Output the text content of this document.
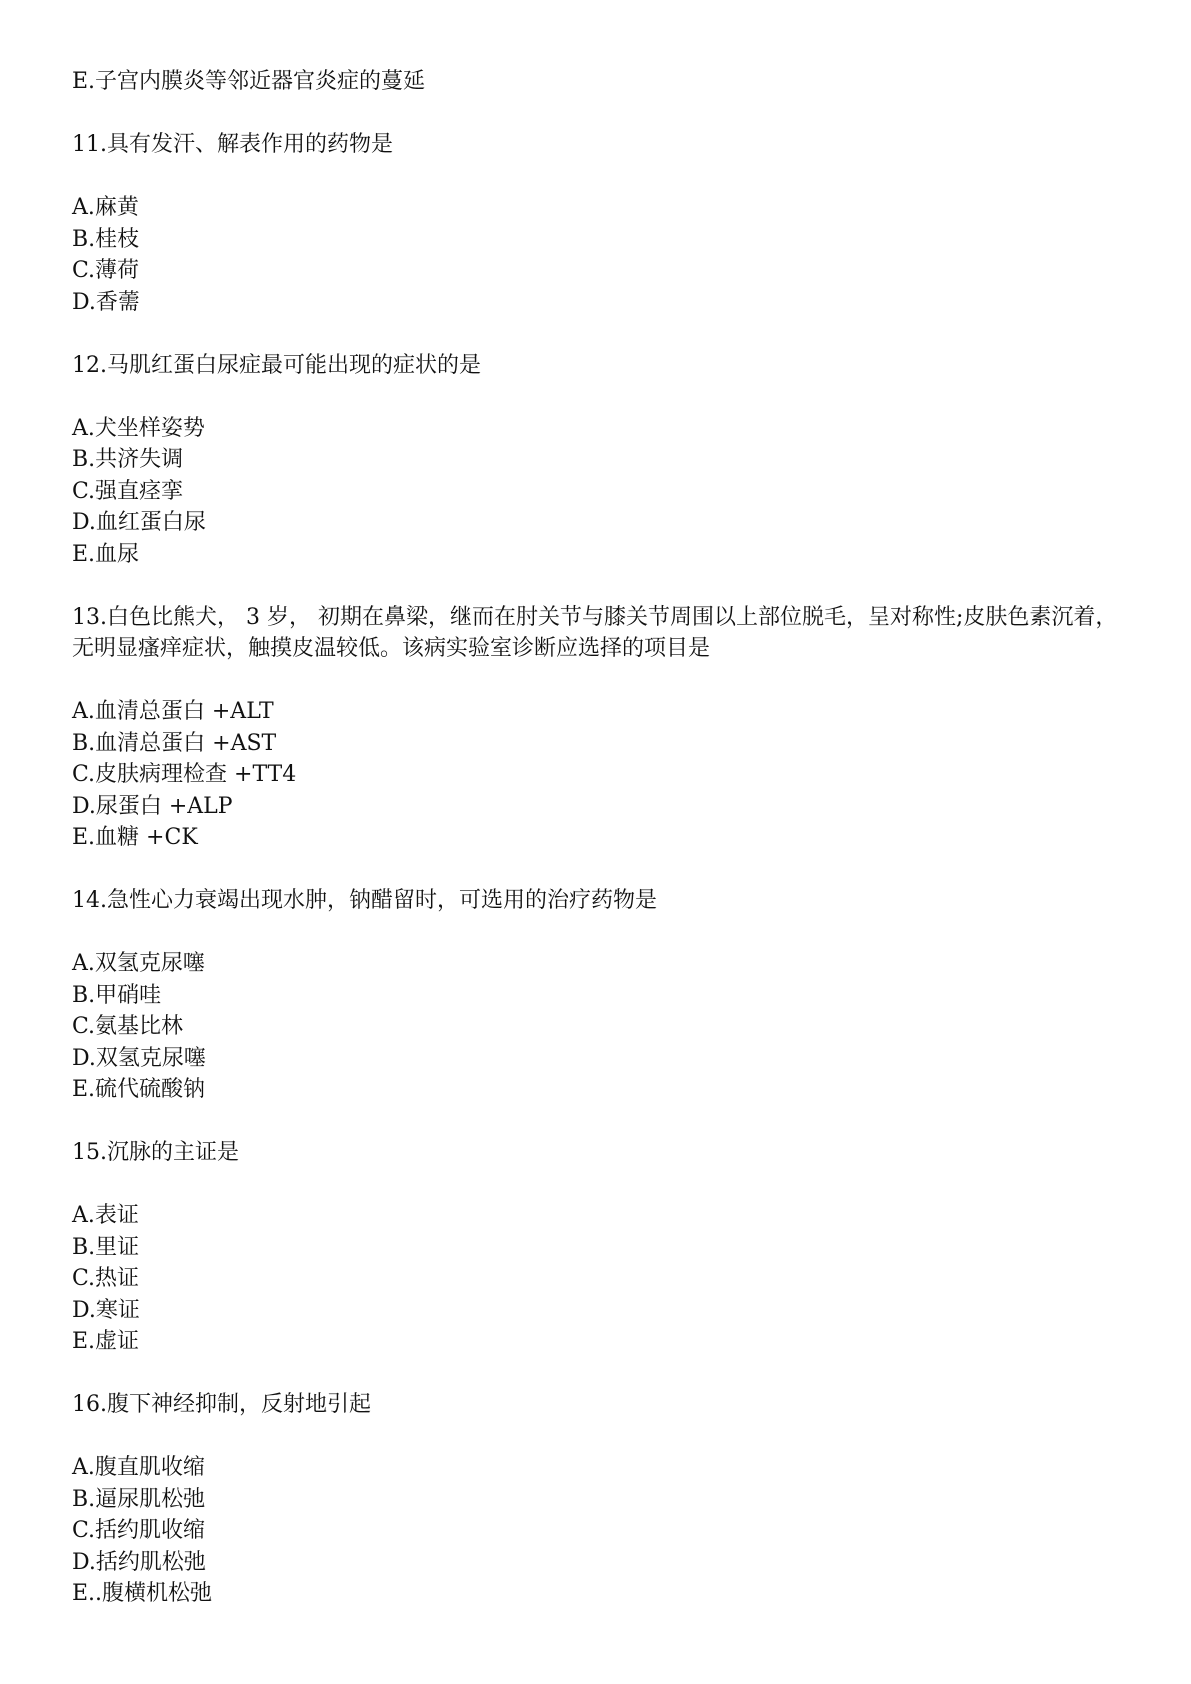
E.子宫内膜炎等邻近器官炎症的蔓延

11.具有发汗、解表作用的药物是

A.麻黄
B.桂枝
C.薄荷
D.香薷

12.马肌红蛋白尿症最可能出现的症状的是

A.犬坐样姿势
B.共济失调
C.强直痉挛
D.血红蛋白尿
E.血尿

13.白色比熊犬， 3 岁， 初期在鼻梁，继而在肘关节与膝关节周围以上部位脱毛，呈对称性;皮肤色素沉着，无明显瘙痒症状，触摸皮温较低。该病实验室诊断应选择的项目是

A.血清总蛋白 +ALT
B.血清总蛋白 +AST
C.皮肤病理检查 +TT4
D.尿蛋白 +ALP
E.血糖 +CK

14.急性心力衰竭出现水肿，钠醋留时，可选用的治疗药物是

A.双氢克尿噻
B.甲硝哇
C.氨基比林
D.双氢克尿噻
E.硫代硫酸钠

15.沉脉的主证是

A.表证
B.里证
C.热证
D.寒证
E.虚证

16.腹下神经抑制，反射地引起

A.腹直肌收缩
B.逼尿肌松弛
C.括约肌收缩
D.括约肌松弛
E..腹横机松弛
